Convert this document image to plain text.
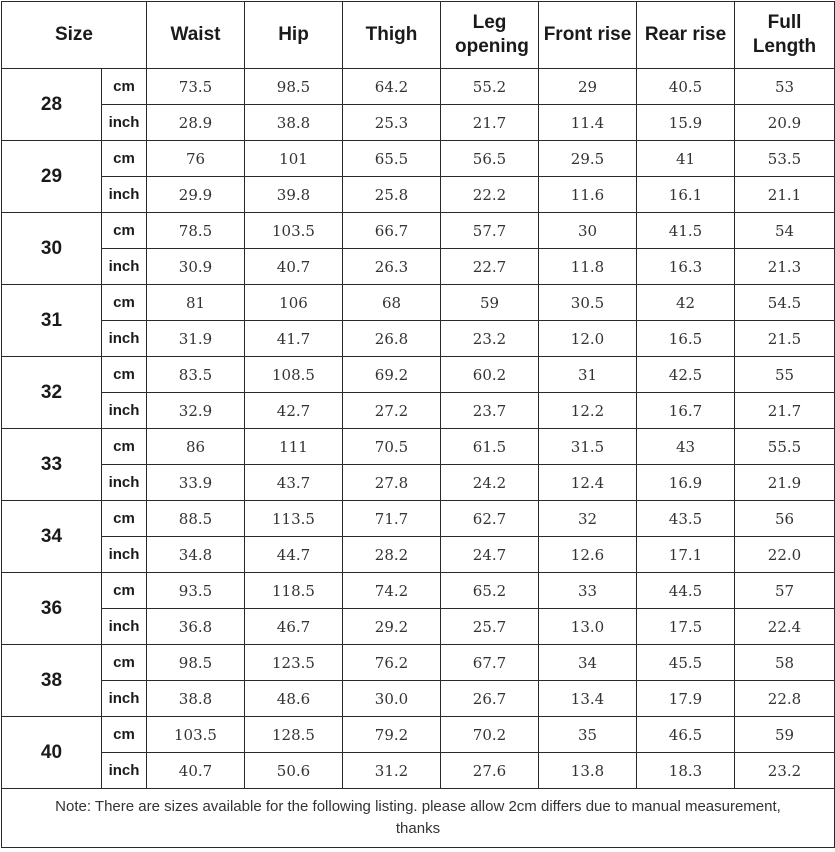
Size		Waist	Hip	Thigh	Leg opening	Front rise	Rear rise	Full Length
28	cm	73.5	98.5	64.2	55.2	29	40.5	53
	inch	28.9	38.8	25.3	21.7	11.4	15.9	20.9
29	cm	76	101	65.5	56.5	29.5	41	53.5
	inch	29.9	39.8	25.8	22.2	11.6	16.1	21.1
30	cm	78.5	103.5	66.7	57.7	30	41.5	54
	inch	30.9	40.7	26.3	22.7	11.8	16.3	21.3
31	cm	81	106	68	59	30.5	42	54.5
	inch	31.9	41.7	26.8	23.2	12.0	16.5	21.5
32	cm	83.5	108.5	69.2	60.2	31	42.5	55
	inch	32.9	42.7	27.2	23.7	12.2	16.7	21.7
33	cm	86	111	70.5	61.5	31.5	43	55.5
	inch	33.9	43.7	27.8	24.2	12.4	16.9	21.9
34	cm	88.5	113.5	71.7	62.7	32	43.5	56
	inch	34.8	44.7	28.2	24.7	12.6	17.1	22.0
36	cm	93.5	118.5	74.2	65.2	33	44.5	57
	inch	36.8	46.7	29.2	25.7	13.0	17.5	22.4
38	cm	98.5	123.5	76.2	67.7	34	45.5	58
	inch	38.8	48.6	30.0	26.7	13.4	17.9	22.8
40	cm	103.5	128.5	79.2	70.2	35	46.5	59
	inch	40.7	50.6	31.2	27.6	13.8	18.3	23.2
Note: There are sizes available for the following listing. please allow 2cm differs due to manual measurement, thanks								
